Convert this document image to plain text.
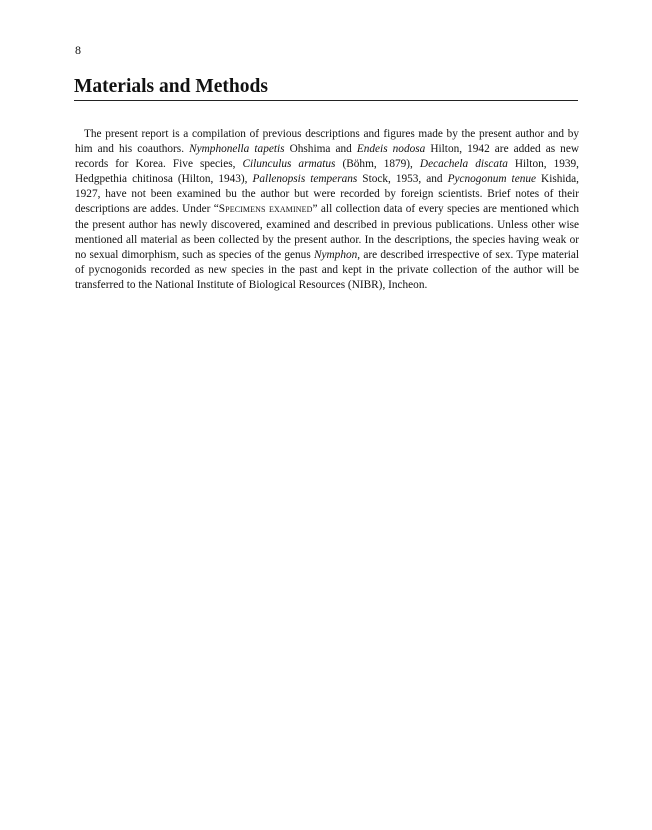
8
Materials and Methods

The present report is a compilation of previous descriptions and figures made by the present author and by him and his coauthors. Nymphonella tapetis Ohshima and Endeis nodosa Hilton, 1942 are added as new records for Korea. Five species, Cilunculus armatus (Böhm, 1879), Decachela discata Hilton, 1939, Hedgpethia chitinosa (Hilton, 1943), Pallenopsis temperans Stock, 1953, and Pycnogonum tenue Kishida, 1927, have not been examined bu the author but were recorded by foreign scientists. Brief notes of their descriptions are addes. Under “Specimens examined” all collection data of every species are mentioned which the present author has newly discovered, examined and described in previous publications. Unless other wise mentioned all material as been collected by the present author. In the descriptions, the species having weak or no sexual dimorphism, such as species of the genus Nymphon, are described irrespective of sex. Type material of pycnogonids recorded as new species in the past and kept in the private collection of the author will be transferred to the National Institute of Biological Resources (NIBR), Incheon.
